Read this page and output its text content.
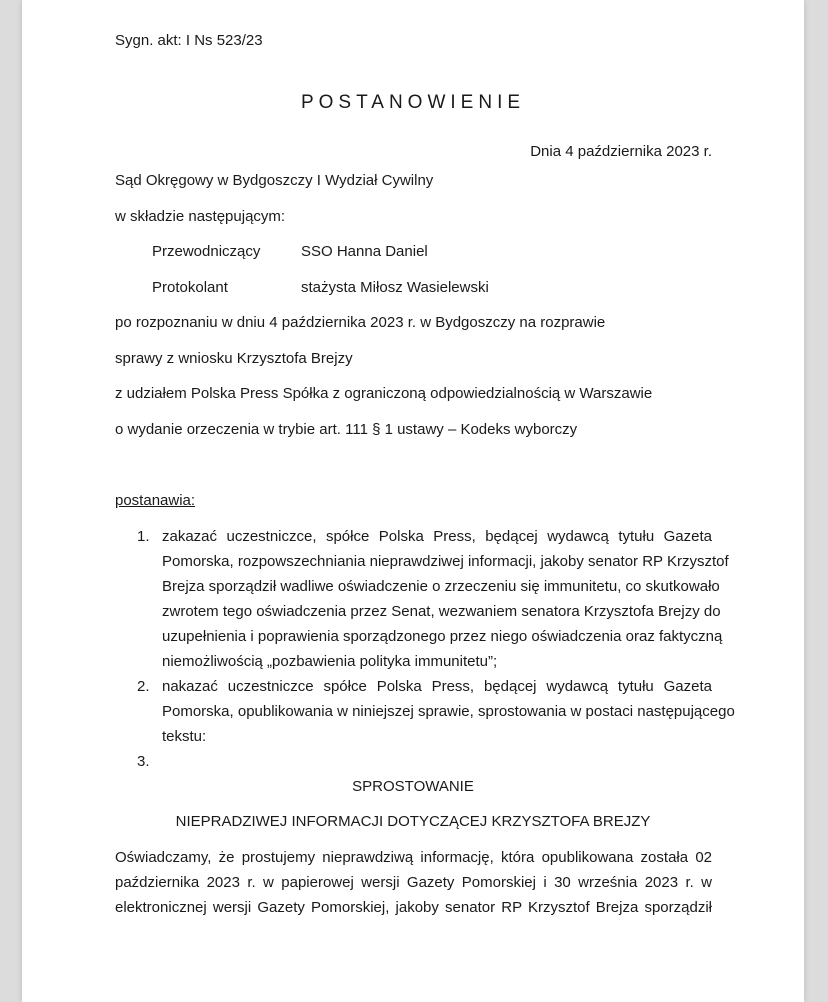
Sygn. akt: I Ns 523/23

POSTANOWIENIE

Dnia 4 października 2023 r.

Sąd Okręgowy w Bydgoszczy I Wydział Cywilny

w składzie następującym:

Przewodniczący	SSO Hanna Daniel

Protokolant	stażysta Miłosz Wasielewski

po rozpoznaniu w dniu 4 października 2023 r. w Bydgoszczy na rozprawie

sprawy z wniosku Krzysztofa Brejzy

z udziałem Polska Press Spółka z ograniczoną odpowiedzialnością w Warszawie

o wydanie orzeczenia w trybie art. 111 § 1 ustawy – Kodeks wyborczy

postanawia:

1. zakazać uczestniczce, spółce Polska Press, będącej wydawcą tytułu Gazeta
Pomorska, rozpowszechniania nieprawdziwej informacji, jakoby senator RP Krzysztof
Brejza sporządził wadliwe oświadczenie o zrzeczeniu się immunitetu, co skutkowało
zwrotem tego oświadczenia przez Senat, wezwaniem senatora Krzysztofa Brejzy do
uzupełnienia i poprawienia sporządzonego przez niego oświadczenia oraz faktyczną
niemożliwością „pozbawienia polityka immunitetu”;
2. nakazać uczestniczce spółce Polska Press, będącej wydawcą tytułu Gazeta
Pomorska, opublikowania w niniejszej sprawie, sprostowania w postaci następującego
tekstu:
3.
SPROSTOWANIE
NIEPRADZIWEJ INFORMACJI DOTYCZĄCEJ KRZYSZTOFA BREJZY
Oświadczamy, że prostujemy nieprawdziwą informację, która opublikowana została 02
października 2023 r. w papierowej wersji Gazety Pomorskiej i 30 września 2023 r. w
elektronicznej wersji Gazety Pomorskiej, jakoby senator RP Krzysztof Brejza sporządził
